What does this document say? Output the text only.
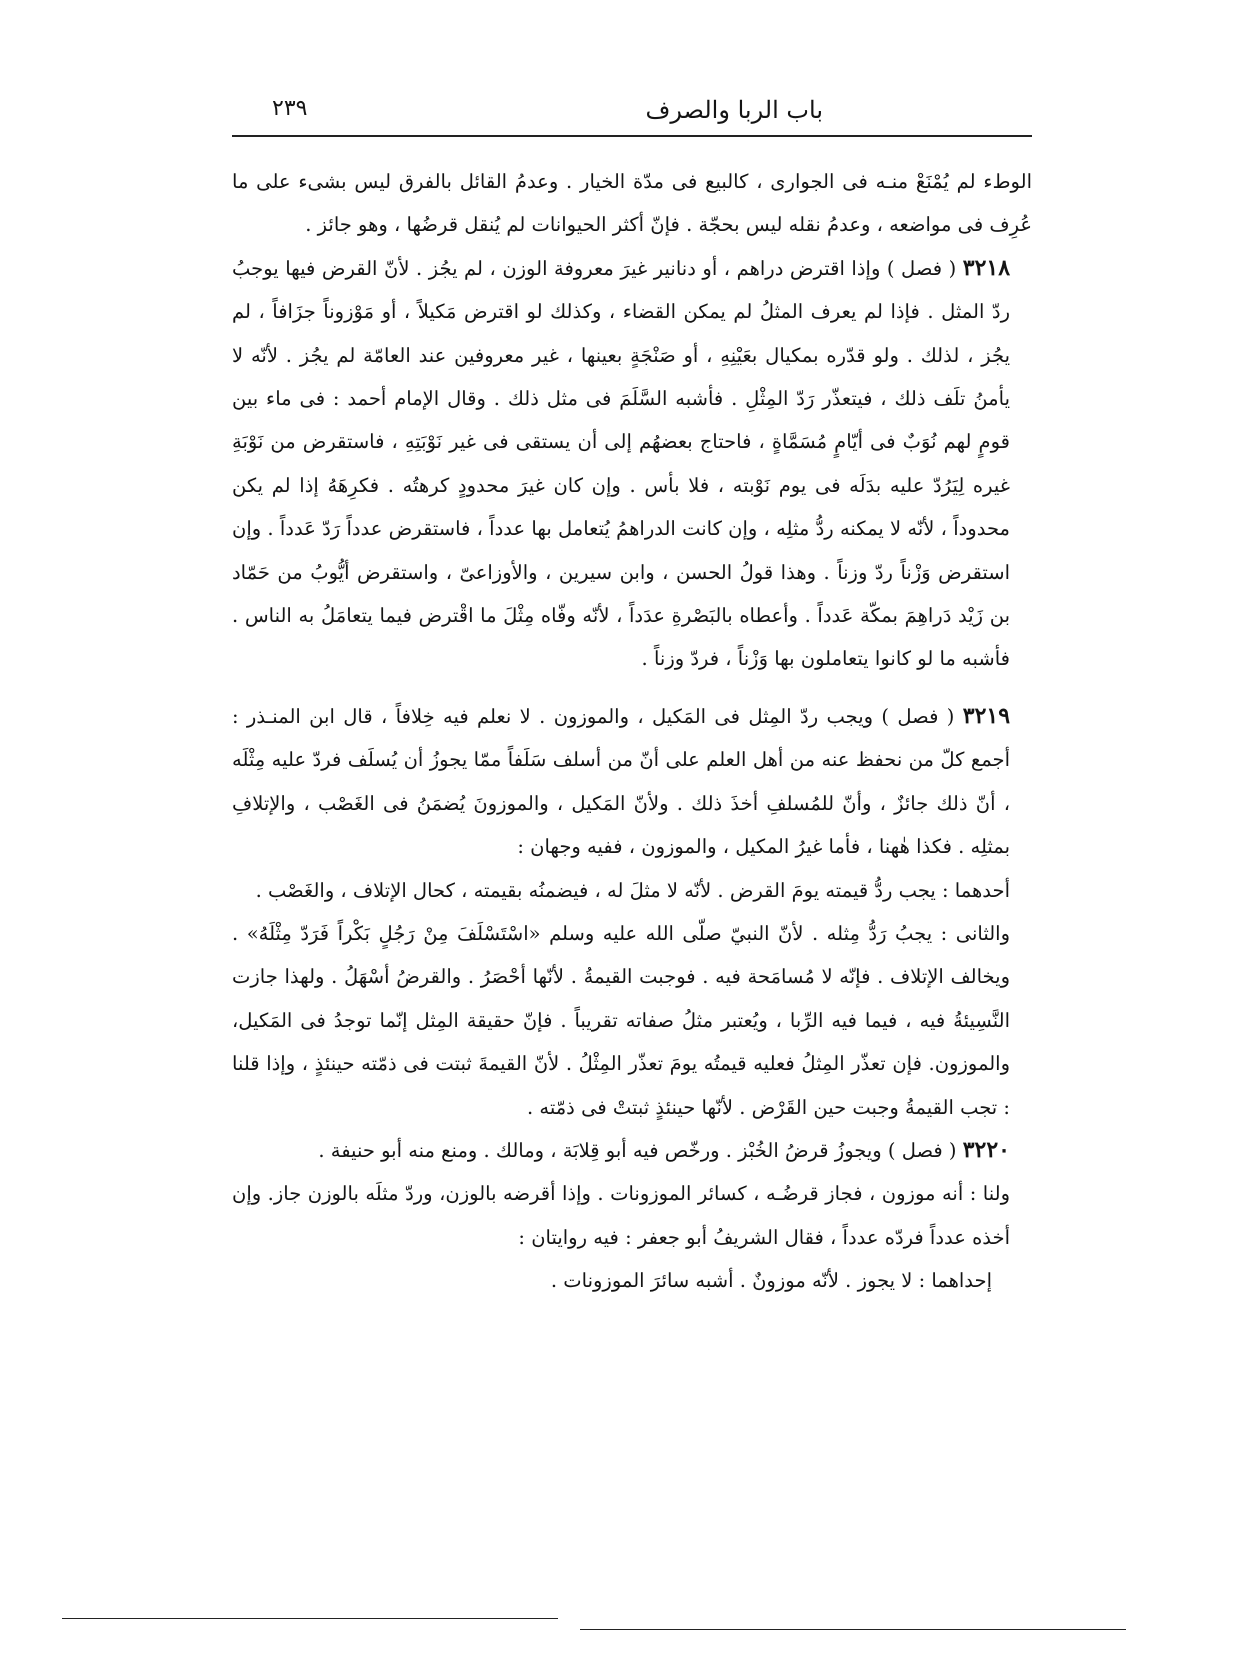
باب الربا والصرف
٢٣٩

الوطء لم يُمْنَعْ منـه فى الجوارى ، كالبيع فى مدّة الخيار . وعدمُ القائل بالفرق ليس بشىء على ما عُرِف فى مواضعه ، وعدمُ نقله ليس بحجّة . فإنّ أكثر الحيوانات لم يُنقل قرضُها ، وهو جائز .

٣٢١٨ ( فصل ) وإذا اقترض دراهم ، أو دنانير غيرَ معروفة الوزن ، لم يجُز . لأنّ القرض فيها يوجبُ ردّ المثل . فإذا لم يعرف المثلُ لم يمكن القضاء ، وكذلك لو اقترض مَكيلاً ، أو مَوْزوناً جزَافاً ، لم يجُز ، لذلك . ولو قدّره بمكيال بعَيْنِهِ ، أو صَنْجَةٍ بعينها ، غير معروفين عند العامّة لم يجُز . لأنّه لا يأمنُ تلَف ذلك ، فيتعذّر رَدّ المِثْلِ . فأشبه السَّلَمَ فى مثل ذلك . وقال الإمام أحمد : فى ماء بين قومٍ لهم نُوَبٌ فى أيّامٍ مُسَمَّاةٍ ، فاحتاج بعضهُم إلى أن يستقى فى غير نَوْبَتِهِ ، فاستقرض من نَوْبَةِ غيره لِيَرُدّ عليه بدَلَه فى يوم نَوْبته ، فلا بأس . وإن كان غيرَ محدودٍ كرهتُه . فكرِهَهُ إذا لم يكن محدوداً ، لأنّه لا يمكنه ردُّ مثلِه ، وإن كانت الدراهمُ يُتعامل بها عدداً ، فاستقرض عدداً رَدّ عَدداً . وإن استقرض وَزْناً ردّ وزناً . وهذا قولُ الحسن ، وابن سيرين ، والأوزاعىّ ، واستقرض أيُّوبُ من حَمّاد بن زَيْد دَراهِمَ بمكّة عَدداً . وأعطاه بالبَصْرةِ عدَداً ، لأنّه وفّاه مِثْلَ ما اقْترض فيما يتعامَلُ به الناس . فأشبه ما لو كانوا يتعاملون بها وَزْناً ، فردّ وزناً .

٣٢١٩ ( فصل ) ويجب ردّ المِثل فى المَكيل ، والموزون . لا نعلم فيه خِلافاً ، قال ابن المنـذر : أجمع كلّ من نحفظ عنه من أهل العلم على أنّ من أسلف سَلَفاً ممّا يجوزُ أن يُسلَف فردّ عليه مِثْلَه ، أنّ ذلك جائزٌ ، وأنّ للمُسلفِ أخذَ ذلك . ولأنّ المَكيل ، والموزونَ يُضمَنُ فى الغَصْب ، والإتلافِ بمثلِه . فكذا هٰهنا ، فأما غيرُ المكيل ، والموزون ، ففيه وجهان :

أحدهما : يجب ردُّ قيمته يومَ القرض . لأنّه لا مثلَ له ، فيضمنُه بقيمته ، كحال الإتلاف ، والغَصْب .

والثانى : يجبُ رَدُّ مِثله . لأنّ النبيّ صلّى الله عليه وسلم «اسْتَسْلَفَ مِنْ رَجُلٍ بَكْراً فَرَدّ مِثْلَهُ» . ويخالف الإتلاف . فإنّه لا مُسامَحة فيه . فوجبت القيمةُ . لأنّها أحْصَرُ . والقرضُ أسْهَلُ . ولهذا جازت النَّسِيئةُ فيه ، فيما فيه الرِّبا ، ويُعتبر مثلُ صفاته تقريباً . فإنّ حقيقة المِثل إنّما توجدُ فى المَكيل، والموزون. فإن تعذّر المِثلُ فعليه قيمتُه يومَ تعذّر المِثْلُ . لأنّ القيمةَ ثبتت فى ذمّته حينئذٍ ، وإذا قلنا : تجب القيمةُ وجبت حين القَرْض . لأنّها حينئذٍ ثبتتْ فى ذمّته .

٣٢٢٠ ( فصل ) ويجوزُ قرضُ الخُبْز . ورخّص فيه أبو قِلابَة ، ومالك . ومنع منه أبو حنيفة .

ولنا : أنه موزون ، فجاز قرضُـه ، كسائر الموزونات . وإذا أقرضه بالوزن، وردّ مثلَه بالوزن جاز. وإن أخذه عدداً فردّه عدداً ، فقال الشريفُ أبو جعفر : فيه روايتان :

إحداهما : لا يجوز . لأنّه موزونٌ . أشبه سائرَ الموزونات .
